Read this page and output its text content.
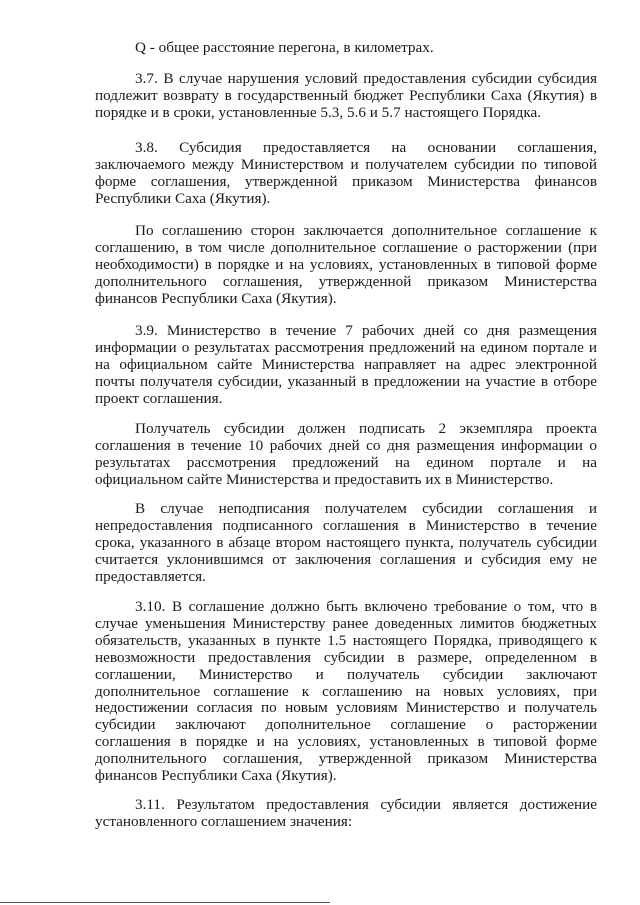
Q - общее расстояние перегона, в километрах.

3.7. В случае нарушения условий предоставления субсидии субсидия подлежит возврату в государственный бюджет Республики Саха (Якутия) в порядке и в сроки, установленные 5.3, 5.6 и 5.7 настоящего Порядка.

3.8. Субсидия предоставляется на основании соглашения, заключаемого между Министерством и получателем субсидии по типовой форме соглашения, утвержденной приказом Министерства финансов Республики Саха (Якутия).

По соглашению сторон заключается дополнительное соглашение к соглашению, в том числе дополнительное соглашение о расторжении (при необходимости) в порядке и на условиях, установленных в типовой форме дополнительного соглашения, утвержденной приказом Министерства финансов Республики Саха (Якутия).

3.9. Министерство в течение 7 рабочих дней со дня размещения информации о результатах рассмотрения предложений на едином портале и на официальном сайте Министерства направляет на адрес электронной почты получателя субсидии, указанный в предложении на участие в отборе проект соглашения.

Получатель субсидии должен подписать 2 экземпляра проекта соглашения в течение 10 рабочих дней со дня размещения информации о результатах рассмотрения предложений на едином портале и на официальном сайте Министерства и предоставить их в Министерство.

В случае неподписания получателем субсидии соглашения и непредоставления подписанного соглашения в Министерство в течение срока, указанного в абзаце втором настоящего пункта, получатель субсидии считается уклонившимся от заключения соглашения и субсидия ему не предоставляется.

3.10. В соглашение должно быть включено требование о том, что в случае уменьшения Министерству ранее доведенных лимитов бюджетных обязательств, указанных в пункте 1.5 настоящего Порядка, приводящего к невозможности предоставления субсидии в размере, определенном в соглашении, Министерство и получатель субсидии заключают дополнительное соглашение к соглашению на новых условиях, при недостижении согласия по новым условиям Министерство и получатель субсидии заключают дополнительное соглашение о расторжении соглашения в порядке и на условиях, установленных в типовой форме дополнительного соглашения, утвержденной приказом Министерства финансов Республики Саха (Якутия).

3.11. Результатом предоставления субсидии является достижение установленного соглашением значения:
